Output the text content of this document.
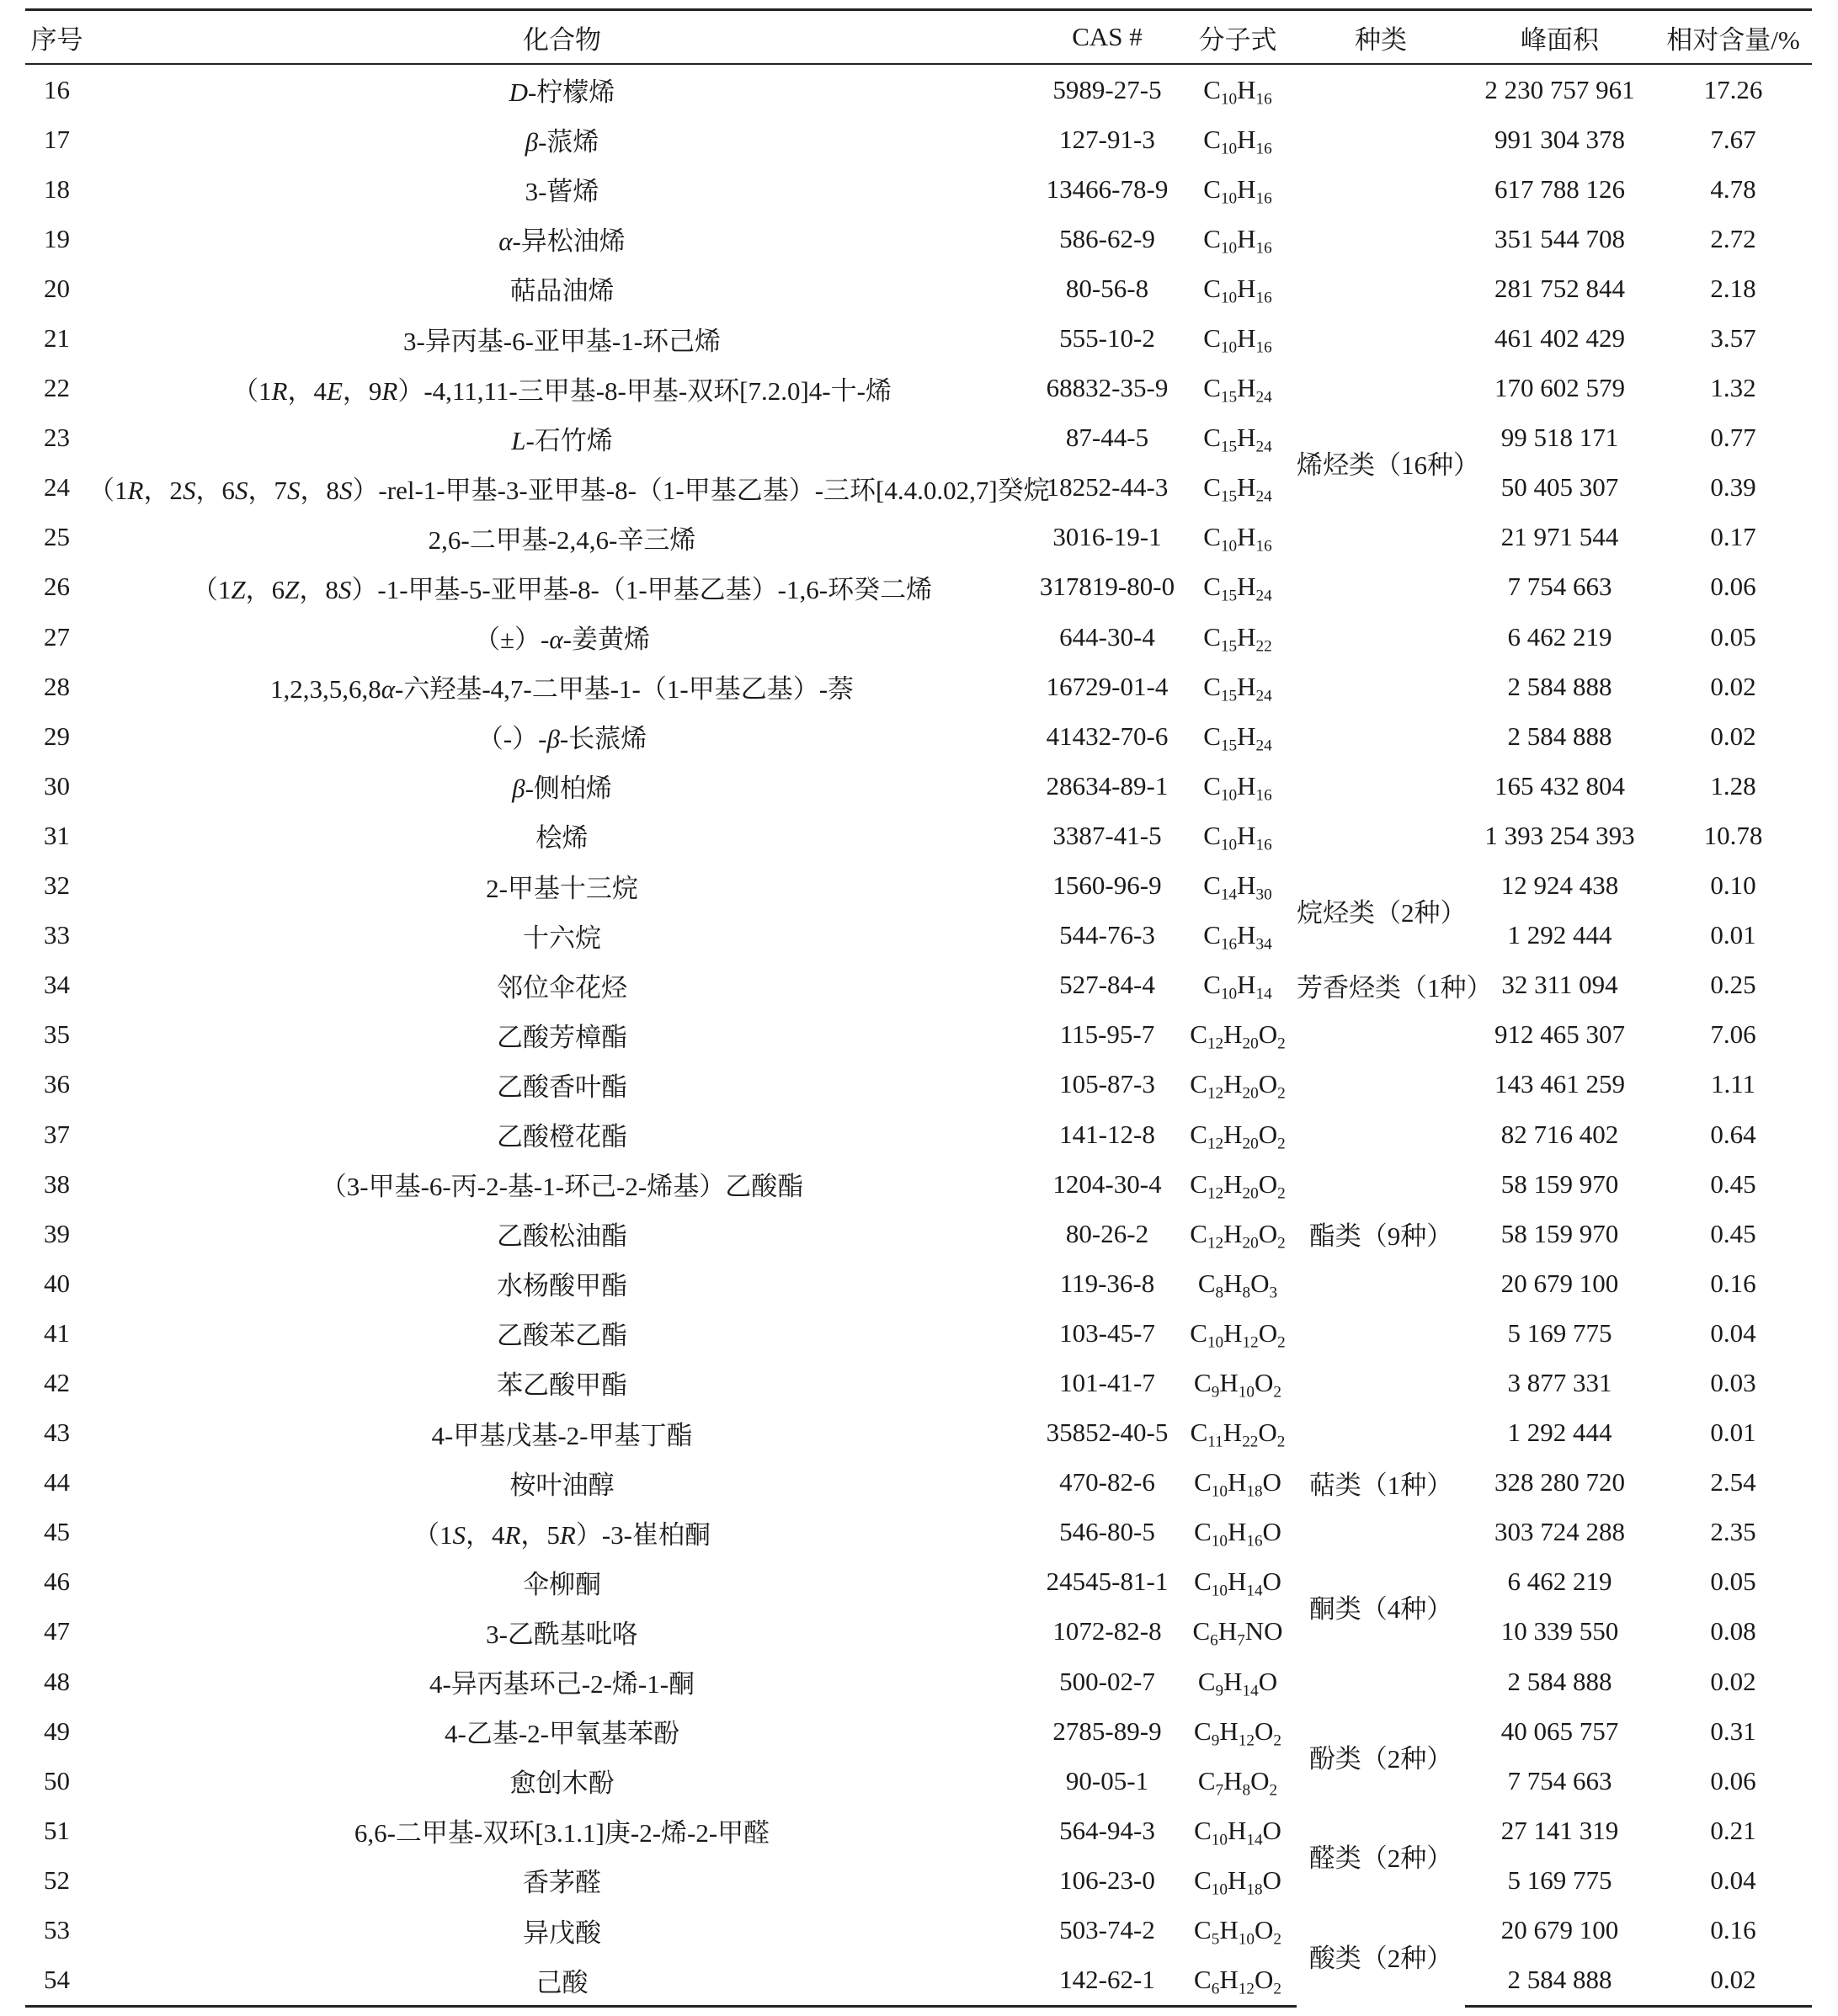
序号	化合物	CAS #	分子式	种类	峰面积	相对含量/%
16	D-柠檬烯	5989-27-5	$C_{10}H_{16}$	烯烃类（16种）	2 230 757 961	17.26
17	β-蒎烯	127-91-3	$C_{10}H_{16}$		991 304 378	7.67
18	3-蒈烯	13466-78-9	$C_{10}H_{16}$		617 788 126	4.78
19	α-异松油烯	586-62-9	$C_{10}H_{16}$		351 544 708	2.72
20	萜品油烯	80-56-8	$C_{10}H_{16}$		281 752 844	2.18
21	3-异丙基-6-亚甲基-1-环己烯	555-10-2	$C_{10}H_{16}$		461 402 429	3.57
22	（1R，4E，9R）-4,11,11-三甲基-8-甲基-双环[7.2.0]4-十-烯	68832-35-9	$C_{15}H_{24}$		170 602 579	1.32
23	L-石竹烯	87-44-5	$C_{15}H_{24}$		99 518 171	0.77
24	（1R，2S，6S，7S，8S）-rel-1-甲基-3-亚甲基-8-（1-甲基乙基）-三环[4.4.0.02,7]癸烷	18252-44-3	$C_{15}H_{24}$		50 405 307	0.39
25	2,6-二甲基-2,4,6-辛三烯	3016-19-1	$C_{10}H_{16}$		21 971 544	0.17
26	（1Z，6Z，8S）-1-甲基-5-亚甲基-8-（1-甲基乙基）-1,6-环癸二烯	317819-80-0	$C_{15}H_{24}$		7 754 663	0.06
27	（±）-α-姜黄烯	644-30-4	$C_{15}H_{22}$		6 462 219	0.05
28	1,2,3,5,6,8α-六羟基-4,7-二甲基-1-（1-甲基乙基）-萘	16729-01-4	$C_{15}H_{24}$		2 584 888	0.02
29	（-）-β-长蒎烯	41432-70-6	$C_{15}H_{24}$		2 584 888	0.02
30	β-侧柏烯	28634-89-1	$C_{10}H_{16}$		165 432 804	1.28
31	桧烯	3387-41-5	$C_{10}H_{16}$		1 393 254 393	10.78
32	2-甲基十三烷	1560-96-9	$C_{14}H_{30}$	烷烃类（2种）	12 924 438	0.10
33	十六烷	544-76-3	$C_{16}H_{34}$		1 292 444	0.01
34	邻位伞花烃	527-84-4	$C_{10}H_{14}$	芳香烃类（1种）	32 311 094	0.25
35	乙酸芳樟酯	115-95-7	$C_{12}H_{20}O_2$	酯类（9种）	912 465 307	7.06
36	乙酸香叶酯	105-87-3	$C_{12}H_{20}O_2$		143 461 259	1.11
37	乙酸橙花酯	141-12-8	$C_{12}H_{20}O_2$		82 716 402	0.64
38	（3-甲基-6-丙-2-基-1-环己-2-烯基）乙酸酯	1204-30-4	$C_{12}H_{20}O_2$		58 159 970	0.45
39	乙酸松油酯	80-26-2	$C_{12}H_{20}O_2$		58 159 970	0.45
40	水杨酸甲酯	119-36-8	$C_8H_8O_3$		20 679 100	0.16
41	乙酸苯乙酯	103-45-7	$C_{10}H_{12}O_2$		5 169 775	0.04
42	苯乙酸甲酯	101-41-7	$C_9H_{10}O_2$		3 877 331	0.03
43	4-甲基戊基-2-甲基丁酯	35852-40-5	$C_{11}H_{22}O_2$		1 292 444	0.01
44	桉叶油醇	470-82-6	$C_{10}H_{18}O$	萜类（1种）	328 280 720	2.54
45	（1S，4R，5R）-3-崔柏酮	546-80-5	$C_{10}H_{16}O$	酮类（4种）	303 724 288	2.35
46	伞柳酮	24545-81-1	$C_{10}H_{14}O$		6 462 219	0.05
47	3-乙酰基吡咯	1072-82-8	$C_6H_7NO$		10 339 550	0.08
48	4-异丙基环己-2-烯-1-酮	500-02-7	$C_9H_{14}O$		2 584 888	0.02
49	4-乙基-2-甲氧基苯酚	2785-89-9	$C_9H_{12}O_2$	酚类（2种）	40 065 757	0.31
50	愈创木酚	90-05-1	$C_7H_8O_2$		7 754 663	0.06
51	6,6-二甲基-双环[3.1.1]庚-2-烯-2-甲醛	564-94-3	$C_{10}H_{14}O$	醛类（2种）	27 141 319	0.21
52	香茅醛	106-23-0	$C_{10}H_{18}O$		5 169 775	0.04
53	异戊酸	503-74-2	$C_5H_{10}O_2$	酸类（2种）	20 679 100	0.16
54	己酸	142-62-1	$C_6H_{12}O_2$		2 584 888	0.02
